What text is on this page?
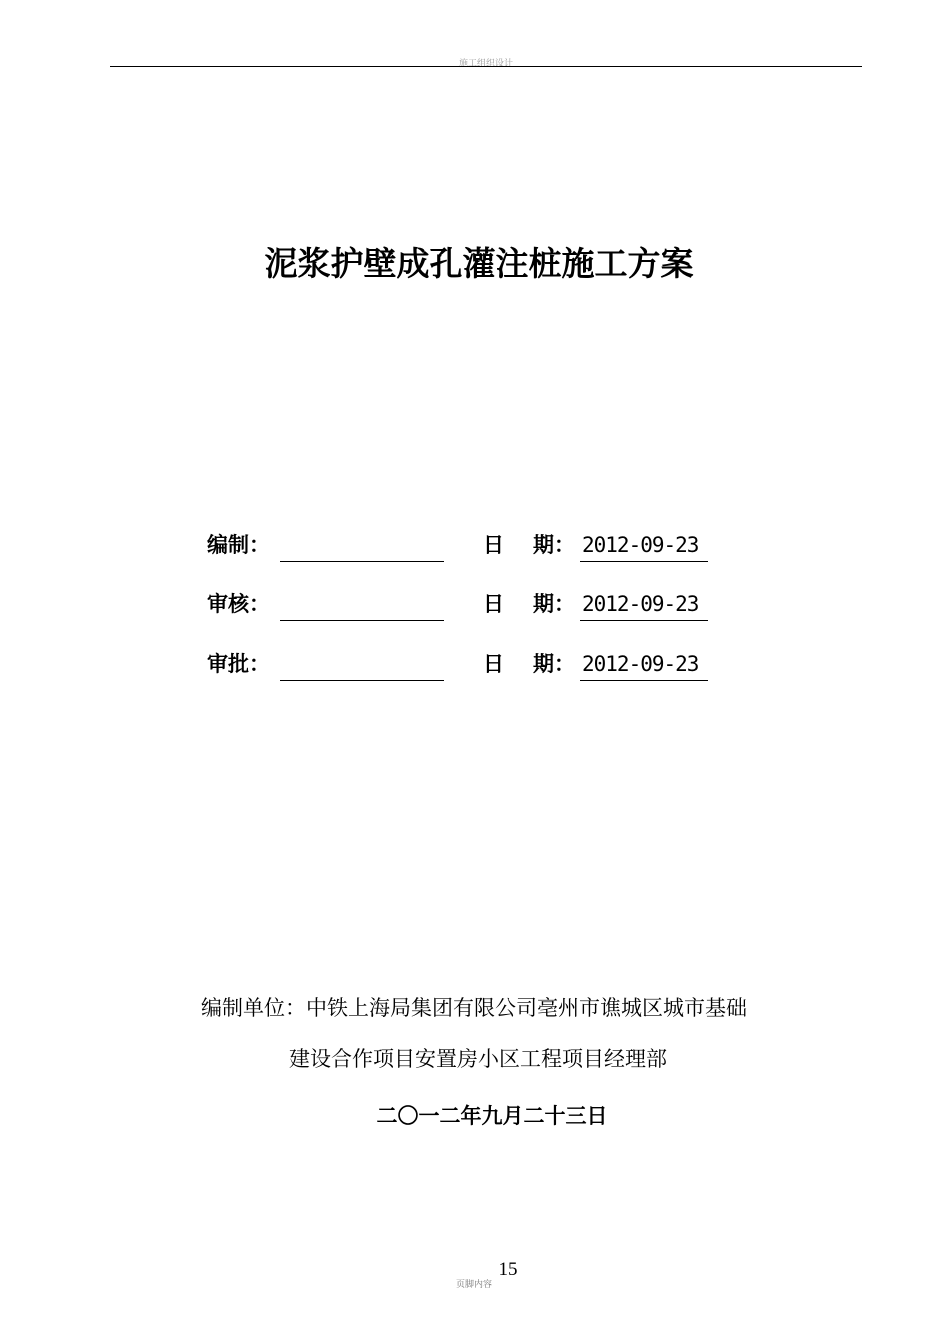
施工组织设计
泥浆护壁成孔灌注桩施工方案
编制：	日 期： 2012-09-23
审核：	日 期： 2012-09-23
审批：	日 期： 2012-09-23
编制单位：中铁上海局集团有限公司亳州市谯城区城市基础
建设合作项目安置房小区工程项目经理部
二〇一二年九月二十三日
15
页脚内容
